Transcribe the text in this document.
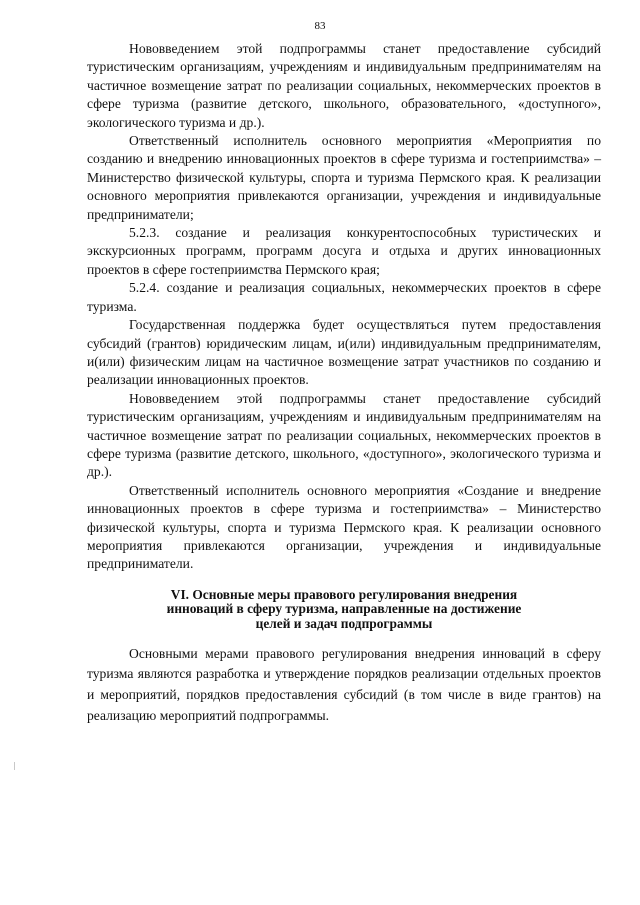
83

Нововведением этой подпрограммы станет предоставление субсидий туристическим организациям, учреждениям и индивидуальным предпринимателям на частичное возмещение затрат по реализации социальных, некоммерческих проектов в сфере туризма (развитие детского, школьного, образовательного, «доступного», экологического туризма и др.).

Ответственный исполнитель основного мероприятия «Мероприятия по созданию и внедрению инновационных проектов в сфере туризма и гостеприимства» – Министерство физической культуры, спорта и туризма Пермского края. К реализации основного мероприятия привлекаются организации, учреждения и индивидуальные предприниматели;

5.2.3. создание и реализация конкурентоспособных туристических и экскурсионных программ, программ досуга и отдыха и других инновационных проектов в сфере гостеприимства Пермского края;

5.2.4. создание и реализация социальных, некоммерческих проектов в сфере туризма.

Государственная поддержка будет осуществляться путем предоставления субсидий (грантов) юридическим лицам, и(или) индивидуальным предпринимателям, и(или) физическим лицам на частичное возмещение затрат участников по созданию и реализации инновационных проектов.

Нововведением этой подпрограммы станет предоставление субсидий туристическим организациям, учреждениям и индивидуальным предпринимателям на частичное возмещение затрат по реализации социальных, некоммерческих проектов в сфере туризма (развитие детского, школьного, «доступного», экологического туризма и др.).

Ответственный исполнитель основного мероприятия «Создание и внедрение инновационных проектов в сфере туризма и гостеприимства» – Министерство физической культуры, спорта и туризма Пермского края. К реализации основного мероприятия привлекаются организации, учреждения и индивидуальные предприниматели.

VI. Основные меры правового регулирования внедрения
инноваций в сферу туризма, направленные на достижение
целей и задач подпрограммы

Основными мерами правового регулирования внедрения инноваций в сферу туризма являются разработка и утверждение порядков реализации отдельных проектов и мероприятий, порядков предоставления субсидий (в том числе в виде грантов) на реализацию мероприятий подпрограммы.
